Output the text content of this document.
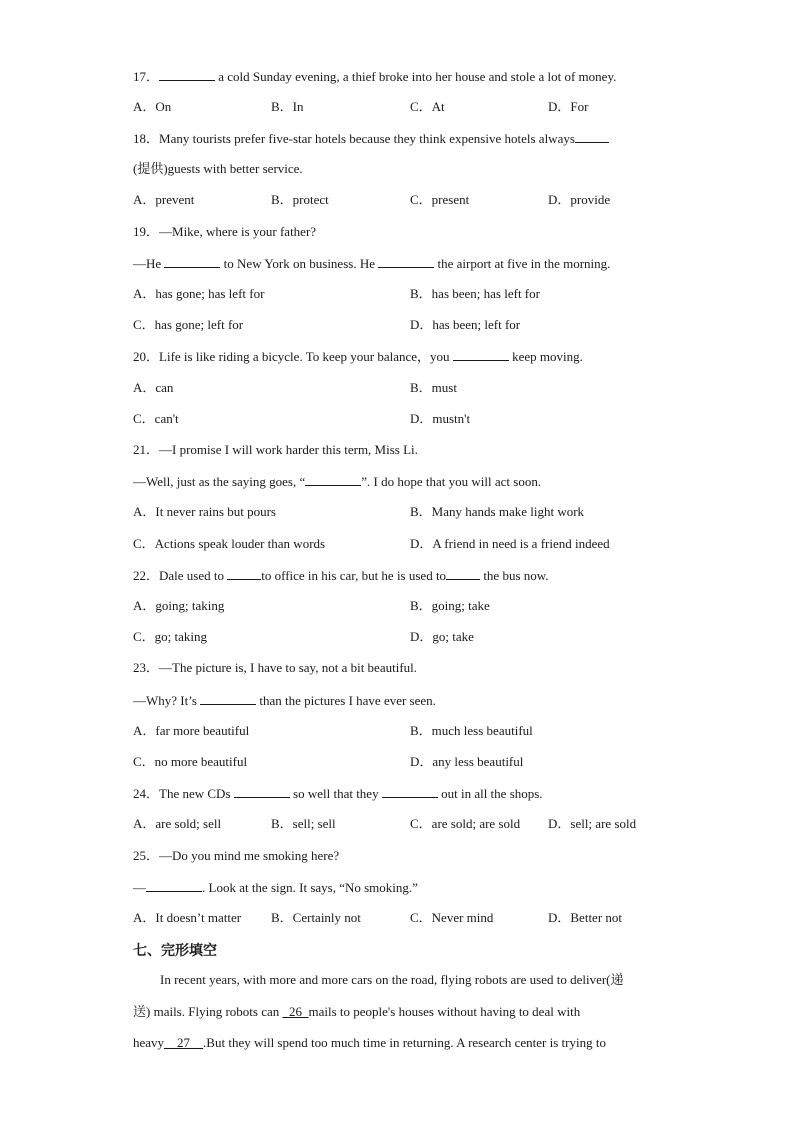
17．	a cold Sunday evening, a thief broke into her house and stole a lot of money.
A．On	B．In	C．At	D．For
18．Many tourists prefer five-star hotels because they think expensive hotels always
(提供)guests with better service.
A．prevent	B．protect	C．present	D．provide
19．—Mike, where is your father?
—He	to New York on business. He	the airport at five in the morning.
A．has gone; has left for	B．has been; has left for
C．has gone; left for	D．has been; left for
20．Life is like riding a bicycle. To keep your balance，you	keep moving.
A．can	B．must
C．can't	D．mustn't
21．—I promise I will work harder this term, Miss Li.
—Well, just as the saying goes, “	”. I do hope that you will act soon.
A．It never rains but pours	B．Many hands make light work
C．Actions speak louder than words	D．A friend in need is a friend indeed
22．Dale used to	to office in his car, but he is used to	the bus now.
A．going; taking	B．going; take
C．go; taking	D．go; take
23．—The picture is, I have to say, not a bit beautiful.
—Why? It’s	than the pictures I have ever seen.
A．far more beautiful	B．much less beautiful
C．no more beautiful	D．any less beautiful
24．The new CDs	so well that they	out in all the shops.
A．are sold; sell	B．sell; sell	C．are sold; are sold D．sell; are sold
25．—Do you mind me smoking here?
—	. Look at the sign. It says, “No smoking.”
A．It doesn’t matter B．Certainly not	C．Never mind	D．Better not
七、完形填空
In recent years, with more and more cars on the road, flying robots are used to deliver(递
送) mails. Flying robots can _26_mails to people's houses without having to deal with
heavy__27__.But they will spend too much time in returning. A research center is trying to
